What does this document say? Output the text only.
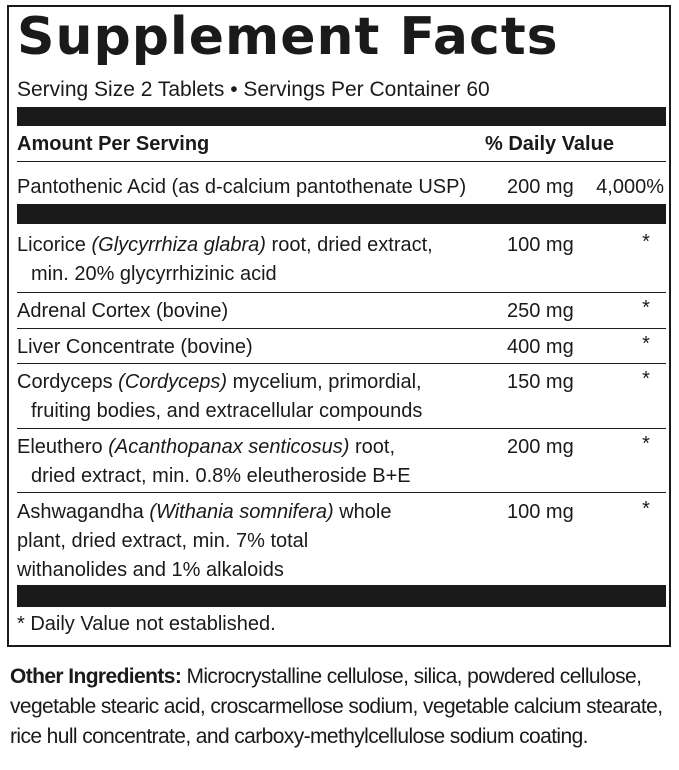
Supplement Facts
Serving Size 2 Tablets • Servings Per Container 60
Amount Per Serving	% Daily Value
Pantothenic Acid (as d-calcium pantothenate USP)	200 mg	4,000%
Licorice (Glycyrrhiza glabra) root, dried extract,
min. 20% glycyrrhizinic acid
100 mg	*
Adrenal Cortex (bovine)	250 mg	*
Liver Concentrate (bovine)	400 mg	*
Cordyceps (Cordyceps) mycelium, primordial,
fruiting bodies, and extracellular compounds
150 mg	*
Eleuthero (Acanthopanax senticosus) root,
dried extract, min. 0.8% eleutheroside B+E
200 mg	*
Ashwagandha (Withania somnifera) whole
plant, dried extract, min. 7% total
withanolides and 1% alkaloids
100 mg	*
* Daily Value not established.
Other Ingredients: Microcrystalline cellulose, silica, powdered cellulose, vegetable stearic acid, croscarmellose sodium, vegetable calcium stearate, rice hull concentrate, and carboxy-methylcellulose sodium coating.
